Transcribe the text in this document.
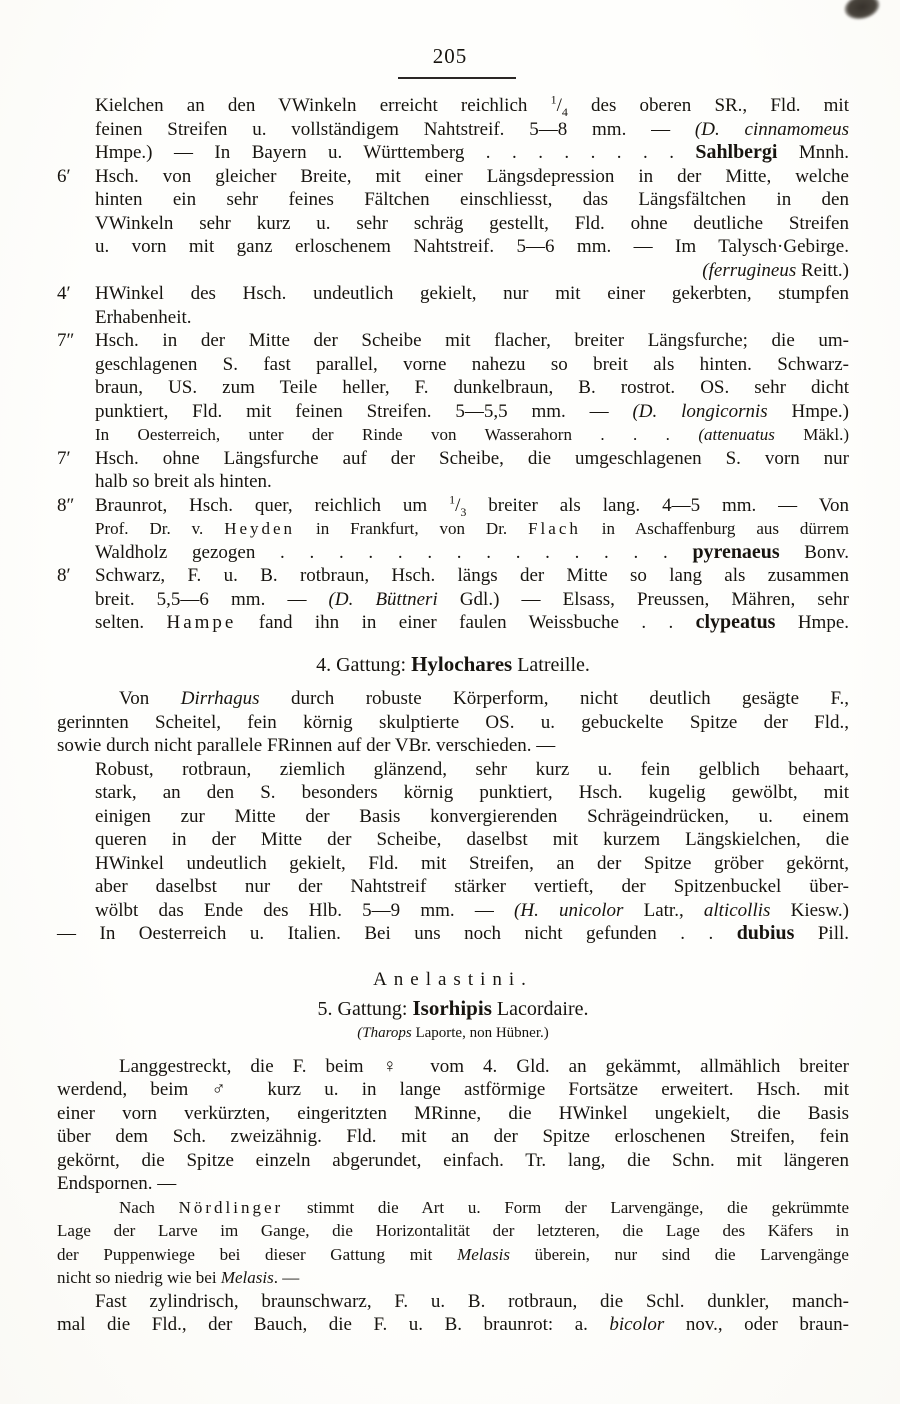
205
Kielchen an den VWinkeln erreicht reichlich $^1/_4$ des oberen SR., Fld. mit
feinen Streifen u. vollständigem Nahtstreif. 5—8 mm. — (D. cinnamomeus
Hmpe.) — In Bayern u. Württemberg . . . . . . . . Sahlbergi Mnnh.
6′ Hsch. von gleicher Breite, mit einer Längsdepression in der Mitte, welche
hinten ein sehr feines Fältchen einschliesst, das Längsfältchen in den
VWinkeln sehr kurz u. sehr schräg gestellt, Fld. ohne deutliche Streifen
u. vorn mit ganz erloschenem Nahtstreif. 5—6 mm. — Im Talysch·Gebirge.
(ferrugineus Reitt.)
4′ HWinkel des Hsch. undeutlich gekielt, nur mit einer gekerbten, stumpfen
Erhabenheit.
7″ Hsch. in der Mitte der Scheibe mit flacher, breiter Längsfurche; die um-
geschlagenen S. fast parallel, vorne nahezu so breit als hinten. Schwarz-
braun, US. zum Teile heller, F. dunkelbraun, B. rostrot. OS. sehr dicht
punktiert, Fld. mit feinen Streifen. 5—5,5 mm. — (D. longicornis Hmpe.)
In Oesterreich, unter der Rinde von Wasserahorn . . . (attenuatus Mäkl.)
7′ Hsch. ohne Längsfurche auf der Scheibe, die umgeschlagenen S. vorn nur
halb so breit als hinten.
8″ Braunrot, Hsch. quer, reichlich um $^1/_3$ breiter als lang. 4—5 mm. — Von
Prof. Dr. v. Heyden in Frankfurt, von Dr. Flach in Aschaffenburg aus dürrem
Waldholz gezogen . . . . . . . . . . . . . . pyrenaeus Bonv.
8′ Schwarz, F. u. B. rotbraun, Hsch. längs der Mitte so lang als zusammen
breit. 5,5—6 mm. — (D. Büttneri Gdl.) — Elsass, Preussen, Mähren, sehr
selten. Hampe fand ihn in einer faulen Weissbuche . . clypeatus Hmpe.
4. Gattung: Hylochares Latreille.
Von Dirrhagus durch robuste Körperform, nicht deutlich gesägte F.,
gerinnten Scheitel, fein körnig skulptierte OS. u. gebuckelte Spitze der Fld.,
sowie durch nicht parallele FRinnen auf der VBr. verschieden. —
Robust, rotbraun, ziemlich glänzend, sehr kurz u. fein gelblich behaart,
stark, an den S. besonders körnig punktiert, Hsch. kugelig gewölbt, mit
einigen zur Mitte der Basis konvergierenden Schrägeindrücken, u. einem
queren in der Mitte der Scheibe, daselbst mit kurzem Längskielchen, die
HWinkel undeutlich gekielt, Fld. mit Streifen, an der Spitze gröber gekörnt,
aber daselbst nur der Nahtstreif stärker vertieft, der Spitzenbuckel über-
wölbt das Ende des Hlb. 5—9 mm. — (H. unicolor Latr., alticollis Kiesw.)
— In Oesterreich u. Italien. Bei uns noch nicht gefunden . . dubius Pill.
Anelastini.
5. Gattung: Isorhipis Lacordaire.
(Tharops Laporte, non Hübner.)
Langgestreckt, die F. beim ♀ vom 4. Gld. an gekämmt, allmählich breiter
werdend, beim ♂ kurz u. in lange astförmige Fortsätze erweitert. Hsch. mit
einer vorn verkürzten, eingeritzten MRinne, die HWinkel ungekielt, die Basis
über dem Sch. zweizähnig. Fld. mit an der Spitze erloschenen Streifen, fein
gekörnt, die Spitze einzeln abgerundet, einfach. Tr. lang, die Schn. mit längeren
Endspornen. —
Nach Nördlinger stimmt die Art u. Form der Larvengänge, die gekrümmte
Lage der Larve im Gange, die Horizontalität der letzteren, die Lage des Käfers in
der Puppenwiege bei dieser Gattung mit Melasis überein, nur sind die Larvengänge
nicht so niedrig wie bei Melasis. —
Fast zylindrisch, braunschwarz, F. u. B. rotbraun, die Schl. dunkler, manch-
mal die Fld., der Bauch, die F. u. B. braunrot: a. bicolor nov., oder braun-
